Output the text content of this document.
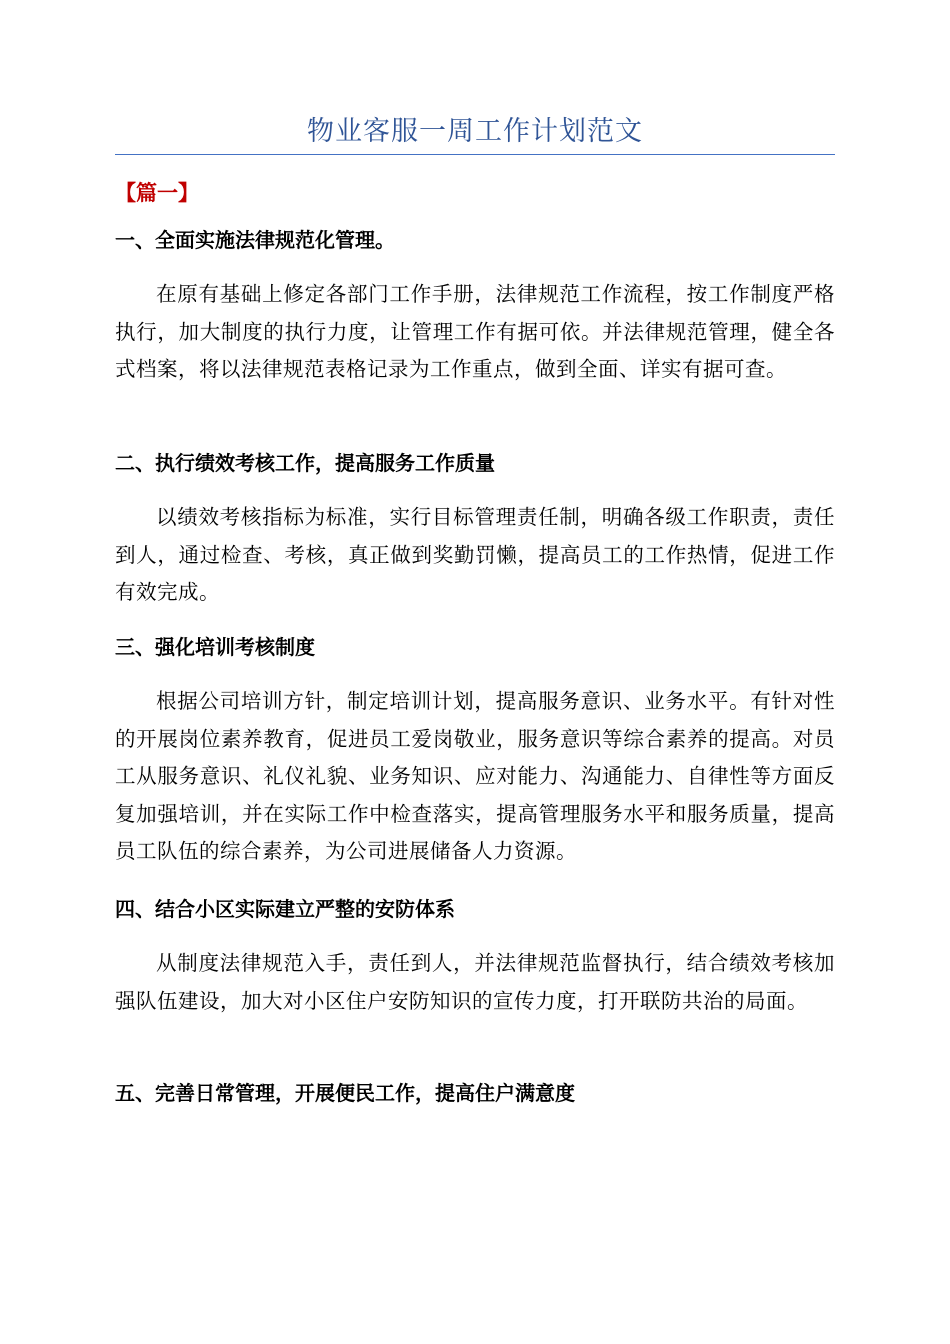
物业客服一周工作计划范文
【篇一】
一、全面实施法律规范化管理。

在原有基础上修定各部门工作手册，法律规范工作流程，按工作制度严格执行，加大制度的执行力度，让管理工作有据可依。并法律规范管理，健全各式档案，将以法律规范表格记录为工作重点，做到全面、详实有据可查。

二、执行绩效考核工作，提高服务工作质量

以绩效考核指标为标准，实行目标管理责任制，明确各级工作职责，责任到人，通过检查、考核，真正做到奖勤罚懒，提高员工的工作热情，促进工作有效完成。

三、强化培训考核制度

根据公司培训方针，制定培训计划，提高服务意识、业务水平。有针对性的开展岗位素养教育，促进员工爱岗敬业，服务意识等综合素养的提高。对员工从服务意识、礼仪礼貌、业务知识、应对能力、沟通能力、自律性等方面反复加强培训，并在实际工作中检查落实，提高管理服务水平和服务质量，提高员工队伍的综合素养，为公司进展储备人力资源。

四、结合小区实际建立严整的安防体系

从制度法律规范入手，责任到人，并法律规范监督执行，结合绩效考核加强队伍建设，加大对小区住户安防知识的宣传力度，打开联防共治的局面。

五、完善日常管理，开展便民工作，提高住户满意度
